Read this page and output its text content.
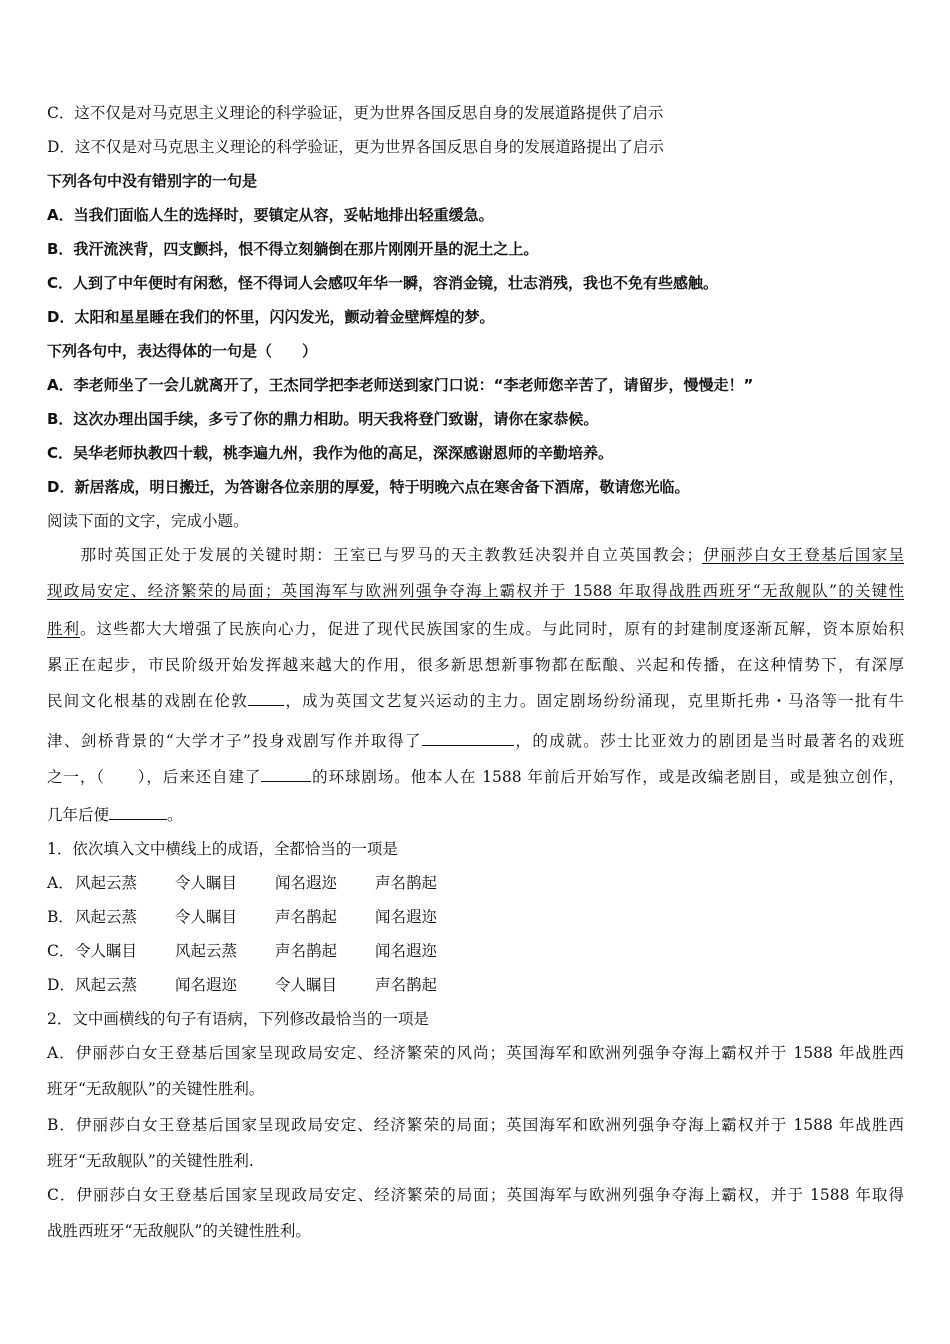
C．这不仅是对马克思主义理论的科学验证，更为世界各国反思自身的发展道路提供了启示
D．这不仅是对马克思主义理论的科学验证，更为世界各国反思自身的发展道路提出了启示
下列各句中没有错别字的一句是
A．当我们面临人生的选择时，要镇定从容，妥帖地排出轻重缓急。
B．我汗流浃背，四支颤抖，恨不得立刻躺倒在那片刚刚开垦的泥土之上。
C．人到了中年便时有闲愁，怪不得词人会感叹年华一瞬，容消金镜，壮志消残，我也不免有些感触。
D．太阳和星星睡在我们的怀里，闪闪发光，颤动着金壁辉煌的梦。
下列各句中，表达得体的一句是（　　）
A．李老师坐了一会儿就离开了，王杰同学把李老师送到家门口说：“李老师您辛苦了，请留步，慢慢走！”
B．这次办理出国手续，多亏了你的鼎力相助。明天我将登门致谢，请你在家恭候。
C．吴华老师执教四十载，桃李遍九州，我作为他的高足，深深感谢恩师的辛勤培养。
D．新居落成，明日搬迁，为答谢各位亲朋的厚爱，特于明晚六点在寒舍备下酒席，敬请您光临。
阅读下面的文字，完成小题。
　　那时英国正处于发展的关键时期：王室已与罗马的天主教教廷决裂并自立英国教会；伊丽莎白女王登基后国家呈
现政局安定、经济繁荣的局面；英国海军与欧洲列强争夺海上霸权并于 1588 年取得战胜西班牙“无敌舰队”的关键性
胜利。这些都大大增强了民族向心力，促进了现代民族国家的生成。与此同时，原有的封建制度逐渐瓦解，资本原始积
累正在起步，市民阶级开始发挥越来越大的作用，很多新思想新事物都在酝酿、兴起和传播，在这种情势下，有深厚
民间文化根基的戏剧在伦敦 ，成为英国文艺复兴运动的主力。固定剧场纷纷涌现，克里斯托弗・马洛等一批有牛
津、剑桥背景的“大学才子”投身戏剧写作并取得了	，的成就。莎士比亚效力的剧团是当时最著名的戏班
之一，（　　），后来还自建了	的环球剧场。他本人在 1588 年前后开始写作，或是改编老剧目，或是独立创作，
几年后便	。
1．依次填入文中横线上的成语，全都恰当的一项是
A．风起云蒸 令人瞩目 闻名遐迩 声名鹊起
B．风起云蒸 令人瞩目 声名鹊起 闻名遐迩
C．令人瞩目 风起云蒸 声名鹊起 闻名遐迩
D．风起云蒸 闻名遐迩 令人瞩目 声名鹊起
2．文中画横线的句子有语病，下列修改最恰当的一项是
A．伊丽莎白女王登基后国家呈现政局安定、经济繁荣的风尚；英国海军和欧洲列强争夺海上霸权并于 1588 年战胜西
班牙“无敌舰队”的关键性胜利。
B．伊丽莎白女王登基后国家呈现政局安定、经济繁荣的局面；英国海军和欧洲列强争夺海上霸权并于 1588 年战胜西
班牙“无敌舰队”的关键性胜利.
C．伊丽莎白女王登基后国家呈现政局安定、经济繁荣的局面；英国海军与欧洲列强争夺海上霸权，并于 1588 年取得
战胜西班牙“无敌舰队”的关键性胜利。
